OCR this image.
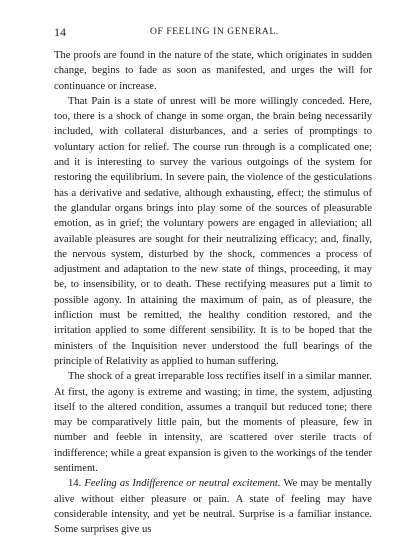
14	OF FEELING IN GENERAL.

The proofs are found in the nature of the state, which originates in sudden change, begins to fade as soon as manifested, and urges the will for continuance or increase.

That Pain is a state of unrest will be more willingly conceded. Here, too, there is a shock of change in some organ, the brain being necessarily included, with collateral disturbances, and a series of promptings to voluntary action for relief. The course run through is a complicated one; and it is interesting to survey the various outgoings of the system for restoring the equilibrium. In severe pain, the violence of the gesticulations has a derivative and sedative, although exhausting, effect; the stimulus of the glandular organs brings into play some of the sources of pleasurable emotion, as in grief; the voluntary powers are engaged in alleviation; all available pleasures are sought for their neutralizing efficacy; and, finally, the nervous system, disturbed by the shock, commences a process of adjustment and adaptation to the new state of things, proceeding, it may be, to insensibility, or to death. These rectifying measures put a limit to possible agony. In attaining the maximum of pain, as of pleasure, the infliction must be remitted, the healthy condition restored, and the irritation applied to some different sensibility. It is to be hoped that the ministers of the Inquisition never understood the full bearings of the principle of Relativity as applied to human suffering.

The shock of a great irreparable loss rectifies itself in a similar manner. At first, the agony is extreme and wasting; in time, the system, adjusting itself to the altered condition, assumes a tranquil but reduced tone; there may be comparatively little pain, but the moments of pleasure, few in number and feeble in intensity, are scattered over sterile tracts of indifference; while a great expansion is given to the workings of the tender sentiment.

14. Feeling as Indifference or neutral excitement. We may be mentally alive without either pleasure or pain. A state of feeling may have considerable intensity, and yet be neutral. Surprise is a familiar instance. Some surprises give us
